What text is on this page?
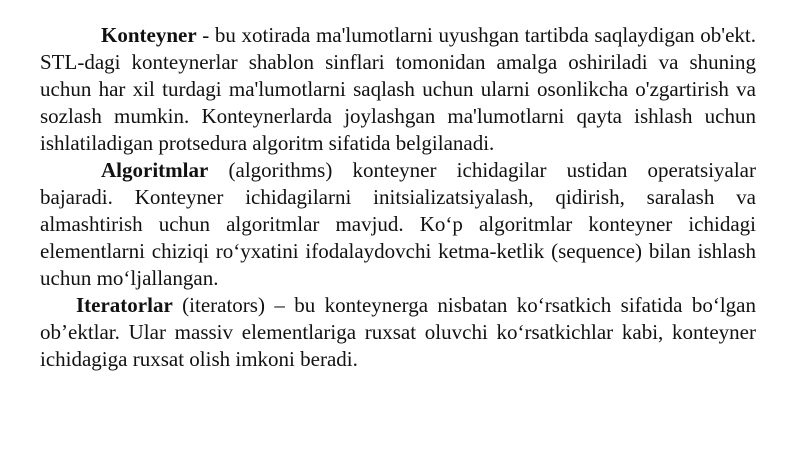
Konteyner - bu xotirada ma'lumotlarni uyushgan tartibda saqlaydigan ob'ekt. STL-dagi konteynerlar shablon sinflari tomonidan amalga oshiriladi va shuning uchun har xil turdagi ma'lumotlarni saqlash uchun ularni osonlikcha o'zgartirish va sozlash mumkin. Konteynerlarda joylashgan ma'lumotlarni qayta ishlash uchun ishlatiladigan protsedura algoritm sifatida belgilanadi.

Algoritmlar (algorithms) konteyner ichidagilar ustidan operatsiyalar bajaradi. Konteyner ichidagilarni initsializatsiyalash, qidirish, saralash va almashtirish uchun algoritmlar mavjud. Ko‘p algoritmlar konteyner ichidagi elementlarni chiziqi ro‘yxatini ifodalaydovchi ketma-ketlik (sequence) bilan ishlash uchun mo‘ljallangan.

Iteratorlar (iterators) – bu konteynerga nisbatan ko‘rsatkich sifatida bo‘lgan ob’ektlar. Ular massiv elementlariga ruxsat oluvchi ko‘rsatkichlar kabi, konteyner ichidagiga ruxsat olish imkoni beradi.
